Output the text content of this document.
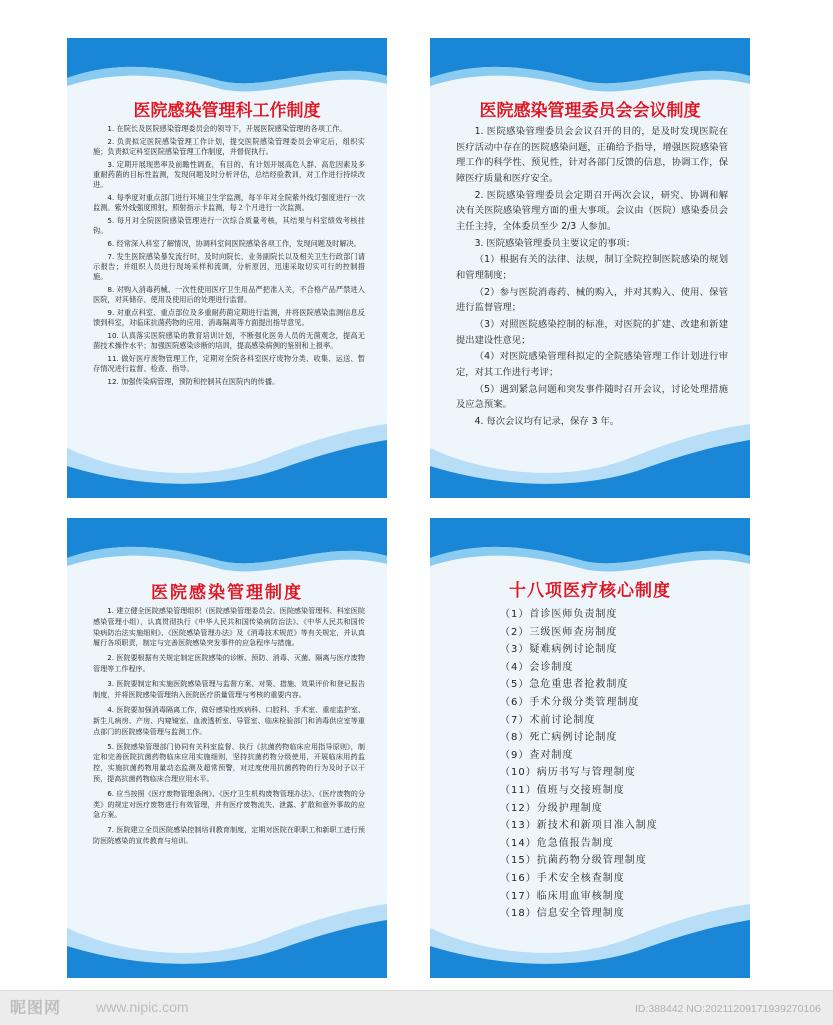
医院感染管理科工作制度

1. 在院长及医院感染管理委员会的领导下，开展医院感染管理的各项工作。

2. 负责拟定医院感染管理工作计划，提交医院感染管理委员会审定后，组织实施；负责拟定科室医院感染管理工作制度，并督促执行。

3. 定期开展现患率及前瞻性调查，有目的、有计划开展高危人群、高危因素及多重耐药菌的目标性监测，发现问题及时分析评估，总结经验教训，对工作进行持续改进。

4. 每季度对重点部门进行环境卫生学监测，每半年对全院紫外线灯强度进行一次监测。紫外线强度照射，照射指示卡监测，每２个月进行一次监测。

5. 每月对全院医院感染管理进行一次综合质量考核，其结果与科室绩效考核挂钩。

6. 经常深入科室了解情况，协调科室间医院感染各项工作，发现问题及时解决。

7. 发生医院感染暴发流行时，及时向院长、业务副院长以及相关卫生行政部门请示报告；并组织人员进行现场采样和流调，分析原因，迅速采取切实可行的控制措施。

8. 对购入消毒药械、一次性使用医疗卫生用品严把准入关，不合格产品严禁进入医院，对其储存、使用及使用后的处理进行监督。

9. 对重点科室、重点部位及多重耐药菌定期进行监测，并将医院感染监测信息反馈到科室，对临床抗菌药物的应用、消毒隔离等方面提出指导意见。

10. 认真落实医院感染的教育培训计划，不断强化医务人员的无菌观念，提高无菌技术操作水平；加强医院感染诊断的培训，提高感染病例的鉴别和上报率。

11. 做好医疗废物管理工作，定期对全院各科室医疗废物分类、收集、运送、暂存情况进行监督、检查、指导。

12. 加强传染病管理，预防和控制其在医院内的传播。

医院感染管理委员会会议制度

1. 医院感染管理委员会会议召开的目的，是及时发现医院在医疗活动中存在的医院感染问题，正确给予指导，增强医院感染管理工作的科学性、预见性，针对各部门反馈的信息，协调工作，保障医疗质量和医疗安全。

2. 医院感染管理委员会定期召开两次会议，研究、协调和解决有关医院感染管理方面的重大事项。会议由（医院）感染委员会主任主持，全体委员至少 2/3 人参加。

3. 医院感染管理委员主要议定的事项：

（1）根据有关的法律、法规，制订全院控制医院感染的规划和管理制度；

（2）参与医院消毒药、械的购入，并对其购入、使用、保管进行监督管理；

（3）对照医院感染控制的标准，对医院的扩建、改建和新建提出建设性意见；

（4）对医院感染管理科拟定的全院感染管理工作计划进行审定，对其工作进行考评；

（5）遇到紧急问题和突发事件随时召开会议，讨论处理措施及应急预案。

4. 每次会议均有记录，保存 3 年。

医院感染管理制度

1. 建立健全医院感染管理组织（医院感染管理委员会、医院感染管理科、科室医院感染管理小组），认真贯彻执行《中华人民共和国传染病防治法》、《中华人民共和国传染病防治法实施细则》、《医院感染管理办法》及《消毒技术规范》等有关规定，并认真履行各项职责，制定与完善医院感染突发事件的应急程序与措施。

2. 医院要根据有关规定制定医院感染的诊断、预防、消毒、灭菌、隔离与医疗废物管理等工作程序。

3. 医院要制定和实施医院感染管理与监督方案、对策、措施、效果评价和登记报告制度，并将医院感染管理纳入医院医疗质量管理与考核的重要内容。

4. 医院要加强消毒隔离工作，做好感染性疾病科、口腔科、手术室、重症监护室、新生儿病房、产房、内窥镜室、血液透析室、导管室、临床检验部门和消毒供应室等重点部门的医院感染管理与监测工作。

5. 医院感染管理部门协同有关科室监督、执行《抗菌药物临床应用指导原则》，制定和完善医院抗菌药物临床应用实施细则，坚持抗菌药物分级使用，开展临床用药监控，实施抗菌药物用量动态监测及超常预警，对过度使用抗菌药物的行为及时予以干预，提高抗菌药物临床合理应用水平。

6. 应当按照《医疗废物管理条例》、《医疗卫生机构废物管理办法》、《医疗废物的分类》的规定对医疗废物进行有效管理，并有医疗废物流失、泄露、扩散和意外事故的应急方案。

7. 医院建立全员医院感染控制培训教育制度，定期对医院在职职工和新职工进行预防医院感染的宣传教育与培训。

十八项医疗核心制度

（1）首诊医师负责制度

（2）三级医师查房制度

（3）疑难病例讨论制度

（4）会诊制度

（5）急危重患者抢救制度

（6）手术分级分类管理制度

（7）术前讨论制度

（8）死亡病例讨论制度

（9）查对制度

（10）病历书写与管理制度

（11）值班与交接班制度

（12）分级护理制度

（13）新技术和新项目准入制度

（14）危急值报告制度

（15）抗菌药物分级管理制度

（16）手术安全核查制度

（17）临床用血审核制度

（18）信息安全管理制度

昵图网 www.nipic.com	ID:388442 NO:20211209171939270106
